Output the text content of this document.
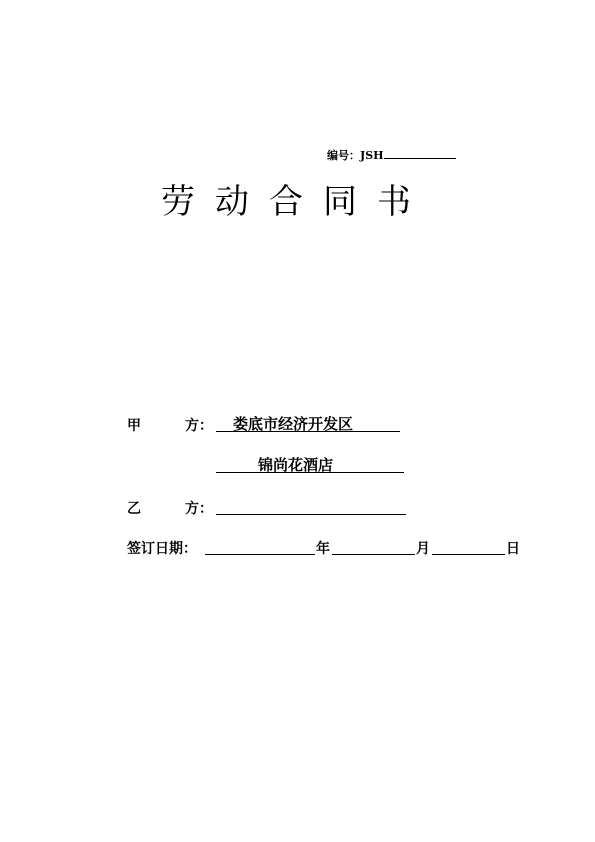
编号：JSH
劳动合同书
甲	方： 娄底市经济开发区
锦尚花酒店
乙	方：
签订日期：	年	月	日
